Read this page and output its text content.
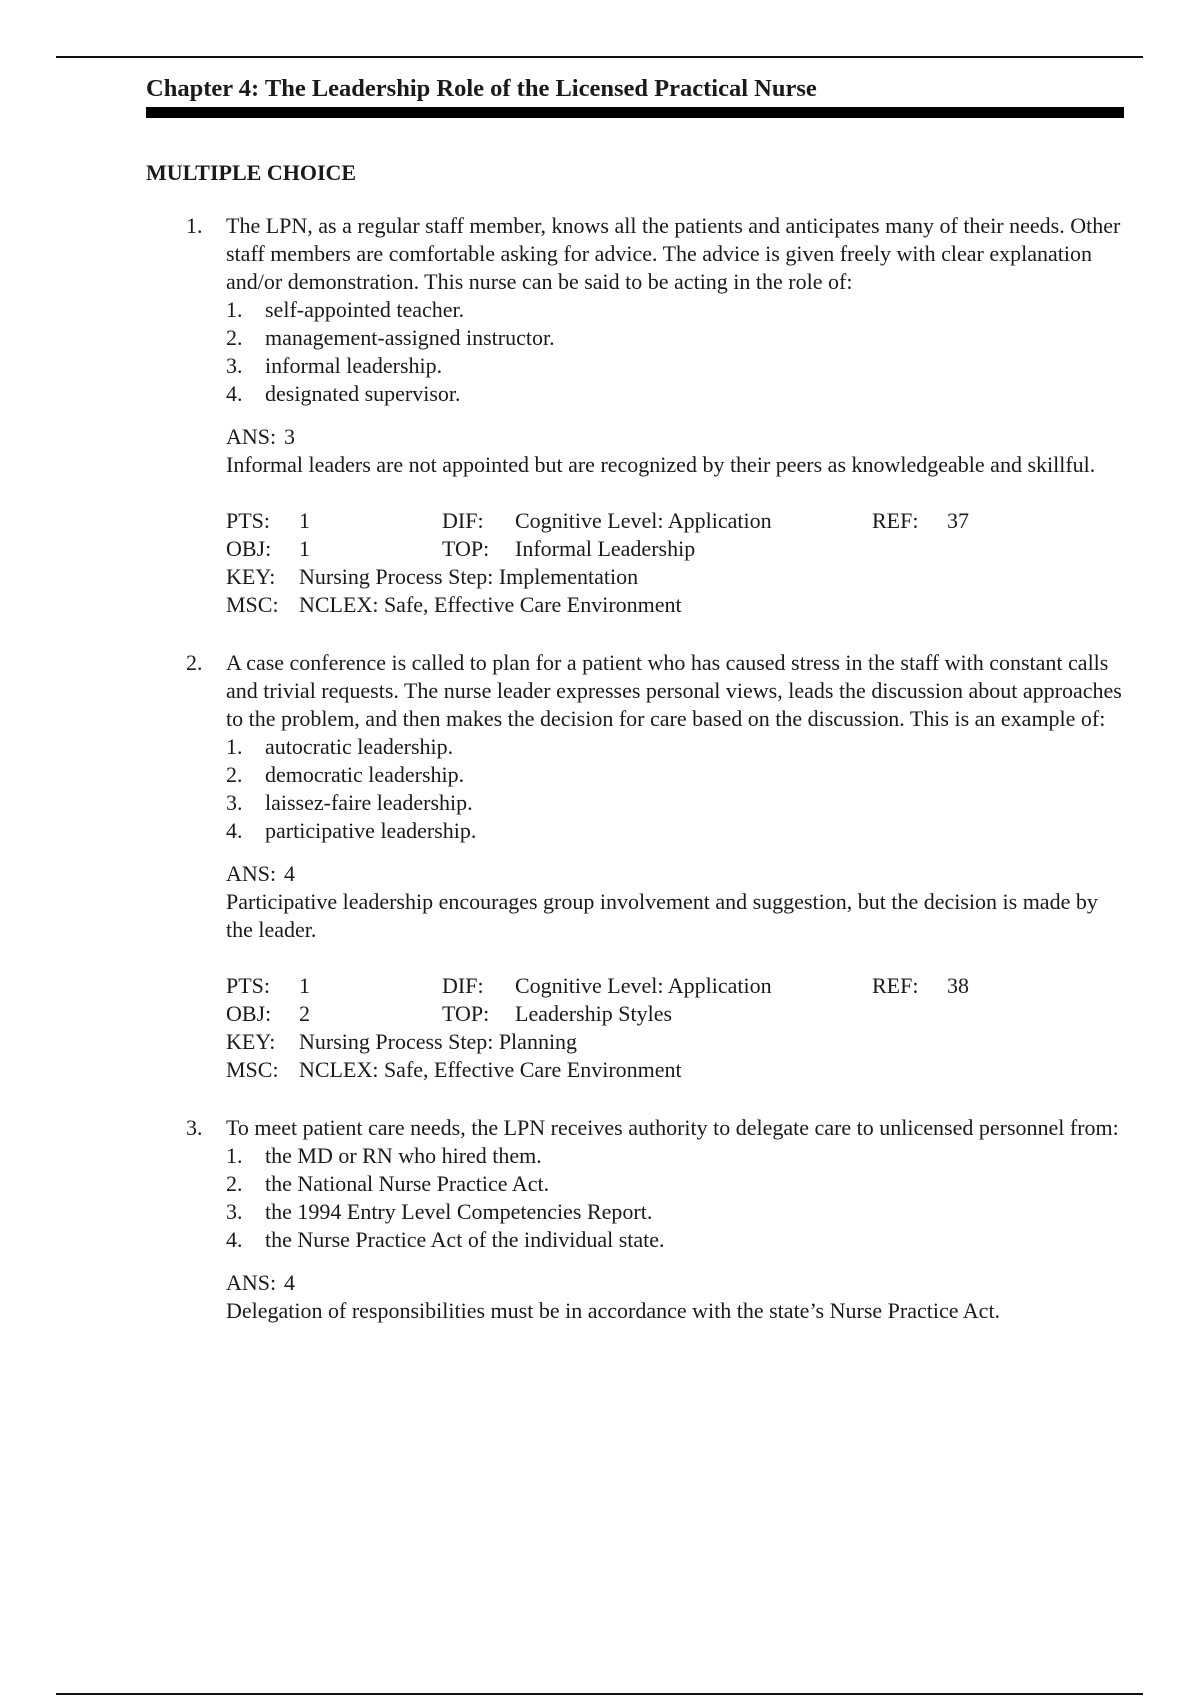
Chapter 4: The Leadership Role of the Licensed Practical Nurse
MULTIPLE CHOICE
1. The LPN, as a regular staff member, knows all the patients and anticipates many of their needs. Other staff members are comfortable asking for advice. The advice is given freely with clear explanation and/or demonstration. This nurse can be said to be acting in the role of:

1.	self-appointed teacher.
2.	management-assigned instructor.
3.	informal leadership.
4.	designated supervisor.
ANS: 3

Informal leaders are not appointed but are recognized by their peers as knowledgeable and skillful.

PTS:	1	DIF:	Cognitive Level: Application	REF:	37
OBJ:	1	TOP:	Informal Leadership
KEY:	Nursing Process Step: Implementation
MSC: NCLEX: Safe, Effective Care Environment
2. A case conference is called to plan for a patient who has caused stress in the staff with constant calls and trivial requests. The nurse leader expresses personal views, leads the discussion about approaches to the problem, and then makes the decision for care based on the discussion. This is an example of:

1.	autocratic leadership.
2.	democratic leadership.
3.	laissez-faire leadership.
4.	participative leadership.
ANS: 4

Participative leadership encourages group involvement and suggestion, but the decision is made by the leader.

PTS:	1	DIF:	Cognitive Level: Application	REF:	38
OBJ:	2	TOP:	Leadership Styles
KEY:	Nursing Process Step: Planning
MSC: NCLEX: Safe, Effective Care Environment
3. To meet patient care needs, the LPN receives authority to delegate care to unlicensed personnel from:

1.	the MD or RN who hired them.
2.	the National Nurse Practice Act.
3.	the 1994 Entry Level Competencies Report.
4.	the Nurse Practice Act of the individual state.
ANS: 4

Delegation of responsibilities must be in accordance with the state’s Nurse Practice Act.
